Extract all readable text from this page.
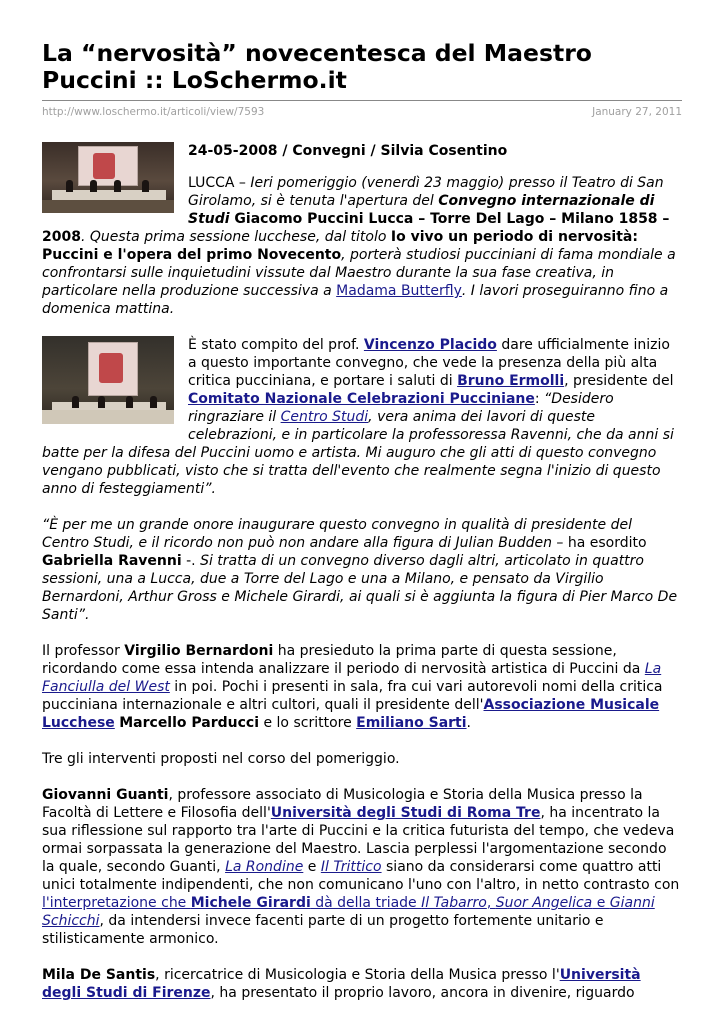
La “nervosità” novecentesca del Maestro Puccini :: LoSchermo.it
http://www.loschermo.it/articoli/view/7593	January 27, 2011

24-05-2008 / Convegni / Silvia Cosentino

LUCCA – Ieri pomeriggio (venerdì 23 maggio) presso il Teatro di San Girolamo, si è tenuta l'apertura del Convegno internazionale di Studi Giacomo Puccini Lucca – Torre Del Lago – Milano 1858 – 2008. Questa prima sessione lucchese, dal titolo Io vivo un periodo di nervosità: Puccini e l'opera del primo Novecento, porterà studiosi pucciniani di fama mondiale a confrontarsi sulle inquietudini vissute dal Maestro durante la sua fase creativa, in particolare nella produzione successiva a Madama Butterfly. I lavori proseguiranno fino a domenica mattina.

È stato compito del prof. Vincenzo Placido dare ufficialmente inizio a questo importante convegno, che vede la presenza della più alta critica pucciniana, e portare i saluti di Bruno Ermolli, presidente del Comitato Nazionale Celebrazioni Pucciniane: “Desidero ringraziare il Centro Studi, vera anima dei lavori di queste celebrazioni, e in particolare la professoressa Ravenni, che da anni si batte per la difesa del Puccini uomo e artista. Mi auguro che gli atti di questo convegno vengano pubblicati, visto che si tratta dell'evento che realmente segna l'inizio di questo anno di festeggiamenti”.

“È per me un grande onore inaugurare questo convegno in qualità di presidente del Centro Studi, e il ricordo non può non andare alla figura di Julian Budden – ha esordito Gabriella Ravenni -. Si tratta di un convegno diverso dagli altri, articolato in quattro sessioni, una a Lucca, due a Torre del Lago e una a Milano, e pensato da Virgilio Bernardoni, Arthur Gross e Michele Girardi, ai quali si è aggiunta la figura di Pier Marco De Santi”.

Il professor Virgilio Bernardoni ha presieduto la prima parte di questa sessione, ricordando come essa intenda analizzare il periodo di nervosità artistica di Puccini da La Fanciulla del West in poi. Pochi i presenti in sala, fra cui vari autorevoli nomi della critica pucciniana internazionale e altri cultori, quali il presidente dell'Associazione Musicale Lucchese Marcello Parducci e lo scrittore Emiliano Sarti.

Tre gli interventi proposti nel corso del pomeriggio.

Giovanni Guanti, professore associato di Musicologia e Storia della Musica presso la Facoltà di Lettere e Filosofia dell'Università degli Studi di Roma Tre, ha incentrato la sua riflessione sul rapporto tra l'arte di Puccini e la critica futurista del tempo, che vedeva ormai sorpassata la generazione del Maestro. Lascia perplessi l'argomentazione secondo la quale, secondo Guanti, La Rondine e Il Trittico siano da considerarsi come quattro atti unici totalmente indipendenti, che non comunicano l'uno con l'altro, in netto contrasto con l'interpretazione che Michele Girardi dà della triade Il Tabarro, Suor Angelica e Gianni Schicchi, da intendersi invece facenti parte di un progetto fortemente unitario e stilisticamente armonico.

Mila De Santis, ricercatrice di Musicologia e Storia della Musica presso l'Università degli Studi di Firenze, ha presentato il proprio lavoro, ancora in divenire, riguardo
